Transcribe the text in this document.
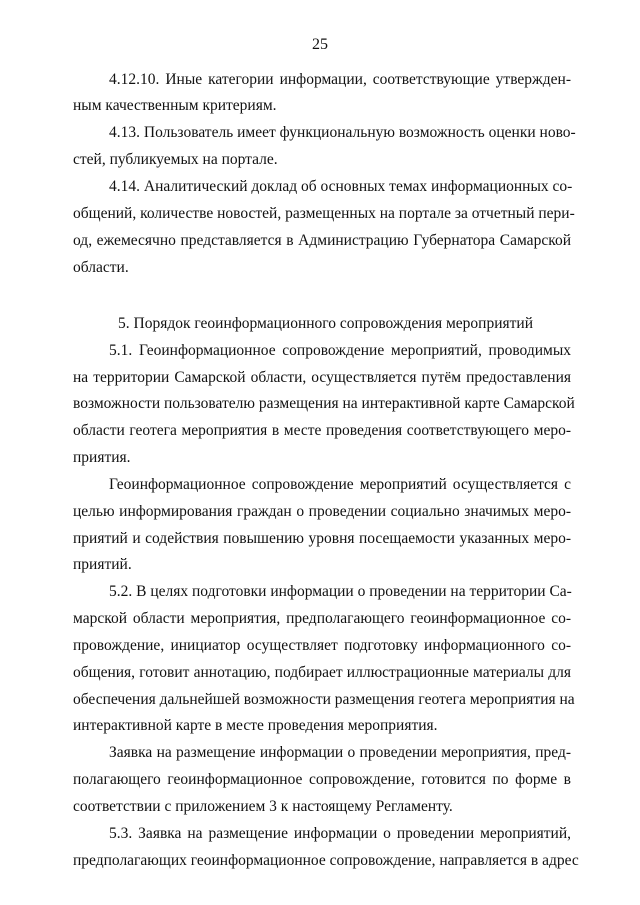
25
4.12.10. Иные категории информации, соответствующие утвержден-
ным качественным критериям.
4.13. Пользователь имеет функциональную возможность оценки ново-
стей, публикуемых на портале.
4.14. Аналитический доклад об основных темах информационных со-
общений, количестве новостей, размещенных на портале за отчетный пери-
од, ежемесячно представляется в Администрацию Губернатора Самарской
области.
5. Порядок геоинформационного сопровождения мероприятий
5.1. Геоинформационное сопровождение мероприятий, проводимых
на территории Самарской области, осуществляется путём предоставления
возможности пользователю размещения на интерактивной карте Самарской
области геотега мероприятия в месте проведения соответствующего меро-
приятия.
Геоинформационное сопровождение мероприятий осуществляется с
целью информирования граждан о проведении социально значимых меро-
приятий и содействия повышению уровня посещаемости указанных меро-
приятий.
5.2. В целях подготовки информации о проведении на территории Са-
марской области мероприятия, предполагающего геоинформационное со-
провождение, инициатор осуществляет подготовку информационного со-
общения, готовит аннотацию, подбирает иллюстрационные материалы для
обеспечения дальнейшей возможности размещения геотега мероприятия на
интерактивной карте в месте проведения мероприятия.
Заявка на размещение информации о проведении мероприятия, пред-
полагающего геоинформационное сопровождение, готовится по форме в
соответствии с приложением 3 к настоящему Регламенту.
5.3. Заявка на размещение информации о проведении мероприятий,
предполагающих геоинформационное сопровождение, направляется в адрес
